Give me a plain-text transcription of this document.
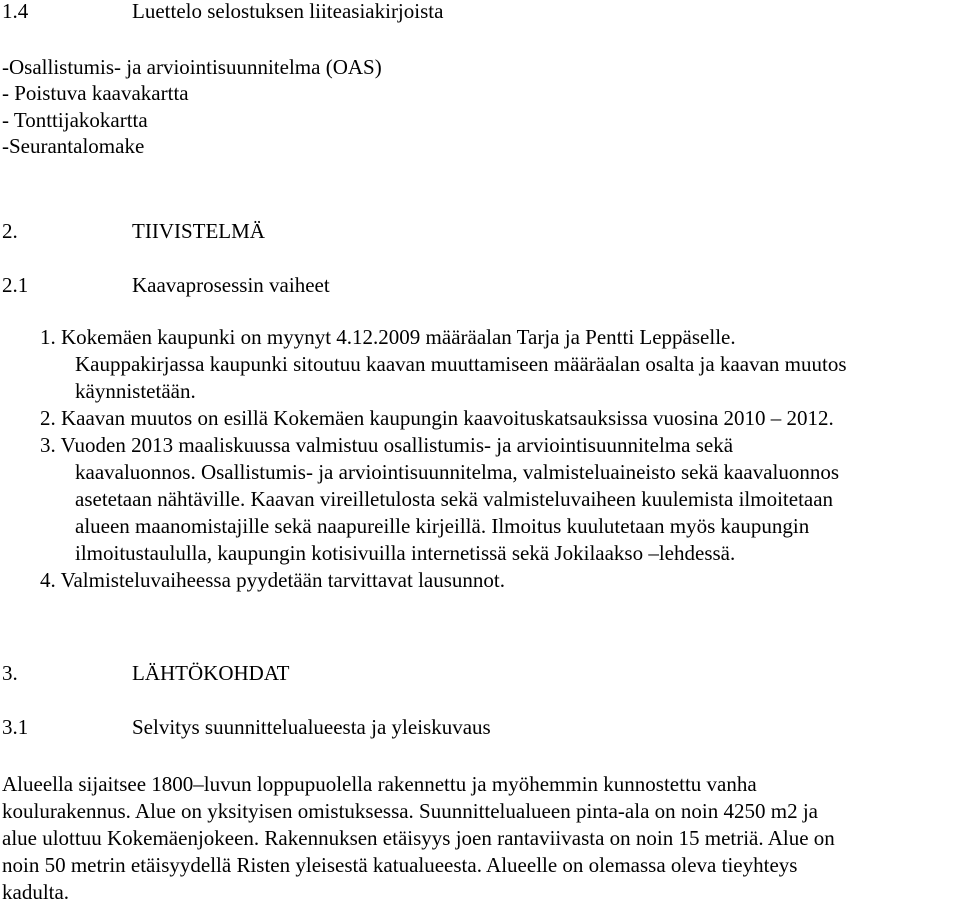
1.4	Luettelo selostuksen liiteasiakirjoista
-Osallistumis- ja arviointisuunnitelma (OAS)
- Poistuva kaavakartta
- Tonttijakokartta
-Seurantalomake
2.	TIIVISTELMÄ
2.1	Kaavaprosessin vaiheet
1. Kokemäen kaupunki on myynyt 4.12.2009 määräalan Tarja ja Pentti Leppäselle.
Kauppakirjassa kaupunki sitoutuu kaavan muuttamiseen määräalan osalta ja kaavan muutos
käynnistetään.
2. Kaavan muutos on esillä Kokemäen kaupungin kaavoituskatsauksissa vuosina 2010 – 2012.
3. Vuoden 2013 maaliskuussa valmistuu osallistumis- ja arviointisuunnitelma sekä
kaavaluonnos. Osallistumis- ja arviointisuunnitelma, valmisteluaineisto sekä kaavaluonnos
asetetaan nähtäville. Kaavan vireilletulosta sekä valmisteluvaiheen kuulemista ilmoitetaan
alueen maanomistajille sekä naapureille kirjeillä. Ilmoitus kuulutetaan myös kaupungin
ilmoitustaululla, kaupungin kotisivuilla internetissä sekä Jokilaakso –lehdessä.
4. Valmisteluvaiheessa pyydetään tarvittavat lausunnot.
3.	LÄHTÖKOHDAT
3.1	Selvitys suunnittelualueesta ja yleiskuvaus
Alueella sijaitsee 1800–luvun loppupuolella rakennettu ja myöhemmin kunnostettu vanha
koulurakennus. Alue on yksityisen omistuksessa. Suunnittelualueen pinta-ala on noin 4250 m2 ja
alue ulottuu Kokemäenjokeen. Rakennuksen etäisyys joen rantaviivasta on noin 15 metriä. Alue on
noin 50 metrin etäisyydellä Risten yleisestä katualueesta. Alueelle on olemassa oleva tieyhteys
kadulta.
